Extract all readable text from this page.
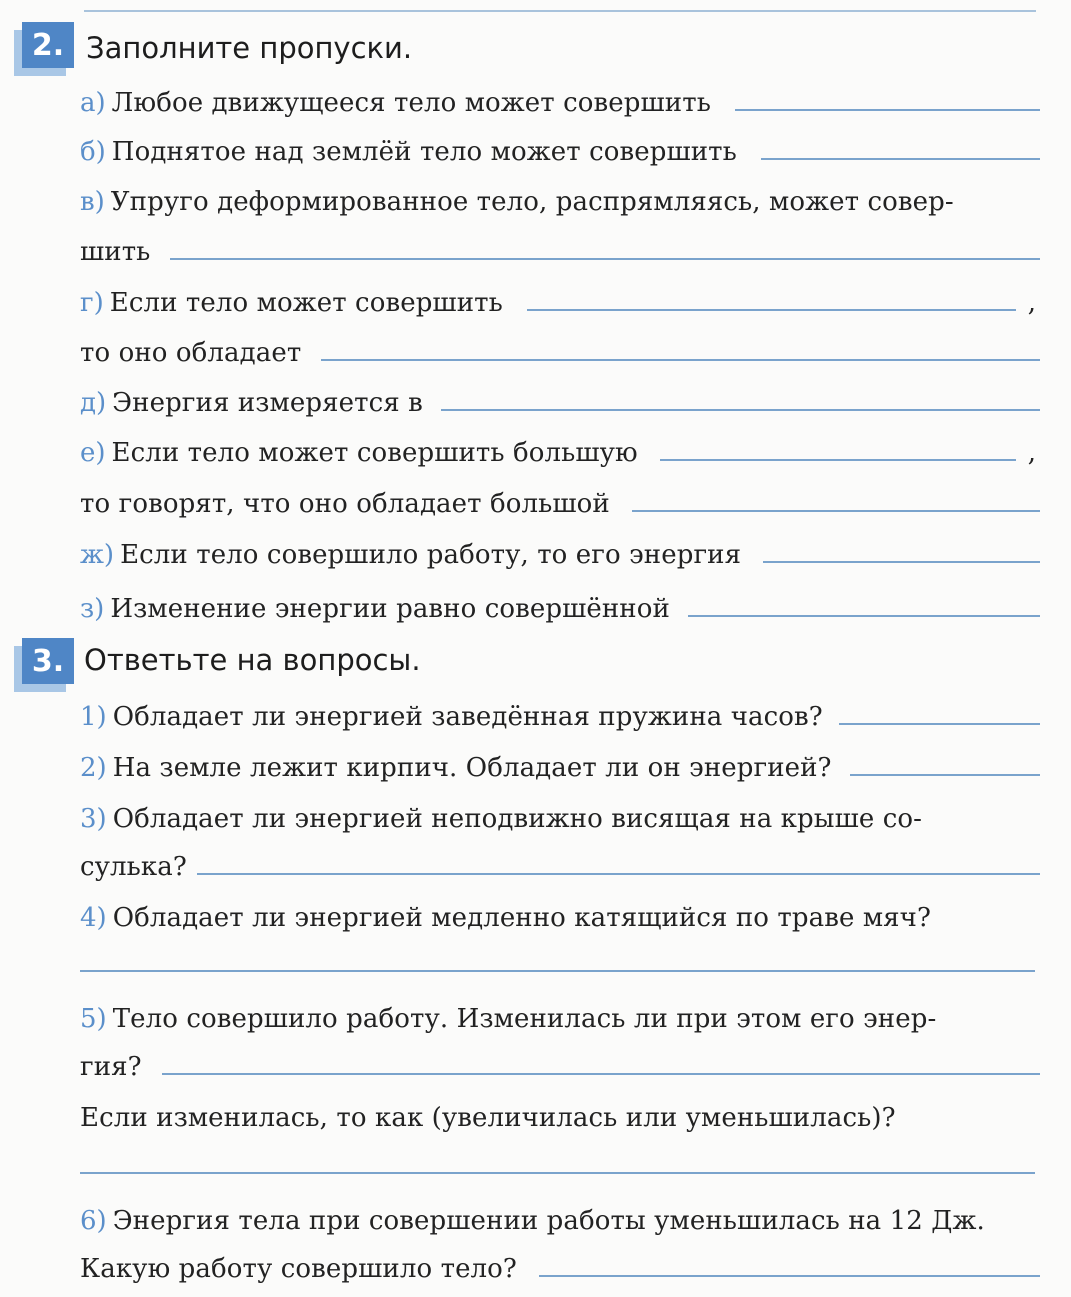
2. Заполните пропуски.
а) Любое движущееся тело может совершить
б) Поднятое над землёй тело может совершить
в) Упруго деформированное тело, распрямляясь, может совер-
шить
г) Если тело может совершить	,
то оно обладает
д) Энергия измеряется в
е) Если тело может совершить большую	,
то говорят, что оно обладает большой
ж) Если тело совершило работу, то его энергия
з) Изменение энергии равно совершённой
3. Ответьте на вопросы.
1) Обладает ли энергией заведённая пружина часов?
2) На земле лежит кирпич. Обладает ли он энергией?
3) Обладает ли энергией неподвижно висящая на крыше со-
сулька?
4) Обладает ли энергией медленно катящийся по траве мяч?
5) Тело совершило работу. Изменилась ли при этом его энер-
гия?
Если изменилась, то как (увеличилась или уменьшилась)?
6) Энергия тела при совершении работы уменьшилась на 12 Дж.
Какую работу совершило тело?
